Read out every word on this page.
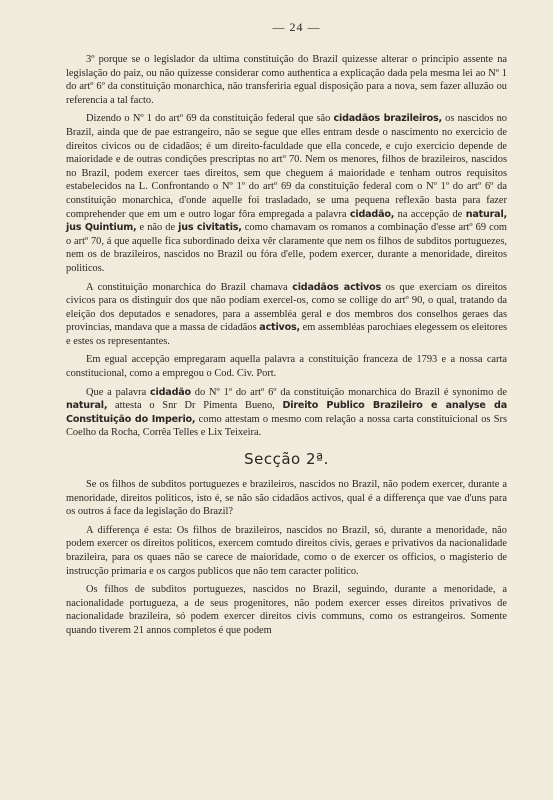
— 24 —

3º porque se o legislador da ultima constituição do Brazil quizesse alterar o principio assente na legislação do paiz, ou não quizesse considerar como authentica a explicação dada pela mesma lei ao Nº 1 do artº 6º da constituição monarchica, não transferiria egual disposição para a nova, sem fazer alluzão ou referencia a tal facto.

Dizendo o Nº 1 do artº 69 da constituição federal que são cidadãos brazileiros, os nascidos no Brazil, ainda que de pae estrangeiro, não se segue que elles entram desde o nascimento no exercicio de direitos civicos ou de cidadãos; é um direito-faculdade que ella concede, e cujo exercicio depende de maioridade e de outras condições prescriptas no artº 70. Nem os menores, filhos de brazileiros, nascidos no Brazil, podem exercer taes direitos, sem que cheguem á maioridade e tenham outros requisitos estabelecidos na L. Confrontando o Nº 1º do artº 69 da constituição federal com o Nº 1º do artº 6º da constituição monarchica, d'onde aquelle foi trasladado, se uma pequena reflexão basta para fazer comprehender que em um e outro logar fôra empregada a palavra cidadão, na accepção de natural, jus Quintium, e não de jus civitatis, como chamavam os romanos a combinação d'esse artº 69 com o artº 70, á que aquelle fica subordinado deixa vêr claramente que nem os filhos de subditos portuguezes, nem os de brazileiros, nascidos no Brazil ou fóra d'elle, podem exercer, durante a menoridade, direitos politicos.

A constituição monarchica do Brazil chamava cidadãos activos os que exerciam os direitos civicos para os distinguir dos que não podiam exercel-os, como se collige do artº 90, o qual, tratando da eleição dos deputados e senadores, para a assembléa geral e dos membros dos conselhos geraes das provincias, mandava que a massa de cidadãos activos, em assembléas parochiaes elegessem os eleitores e estes os representantes.

Em egual accepção empregaram aquella palavra a constituição franceza de 1793 e a nossa carta constitucional, como a empregou o Cod. Civ. Port.

Que a palavra cidadão do Nº 1º do artº 6º da constituição monarchica do Brazil é synonimo de natural, attesta o Snr Dr Pimenta Bueno, Direito Publico Brazileiro e analyse da Constituição do Imperio, como attestam o mesmo com relação a nossa carta constituicional os Srs Coelho da Rocha, Corrêa Telles e Lix Teixeira.

Secção 2ª.

Se os filhos de subditos portuguezes e brazileiros, nascidos no Brazil, não podem exercer, durante a menoridade, direitos politicos, isto é, se não são cidadãos activos, qual é a differença que vae d'uns para os outros á face da legislação do Brazil?

A differença é esta: Os filhos de brazileiros, nascidos no Brazil, só, durante a menoridade, não podem exercer os direitos politicos, exercem comtudo direitos civis, geraes e privativos da nacionalidade brazileira, para os quaes não se carece de maioridade, como o de exercer os officios, o magisterio de instrucção primaria e os cargos publicos que não tem caracter politico.

Os filhos de subditos portuguezes, nascidos no Brazil, seguindo, durante a menoridade, a nacionalidade portugueza, a de seus progenitores, não podem exercer esses direitos privativos de nacionalidade brazileira, só podem exercer direitos civis communs, como os estrangeiros. Somente quando tiverem 21 annos completos é que podem
